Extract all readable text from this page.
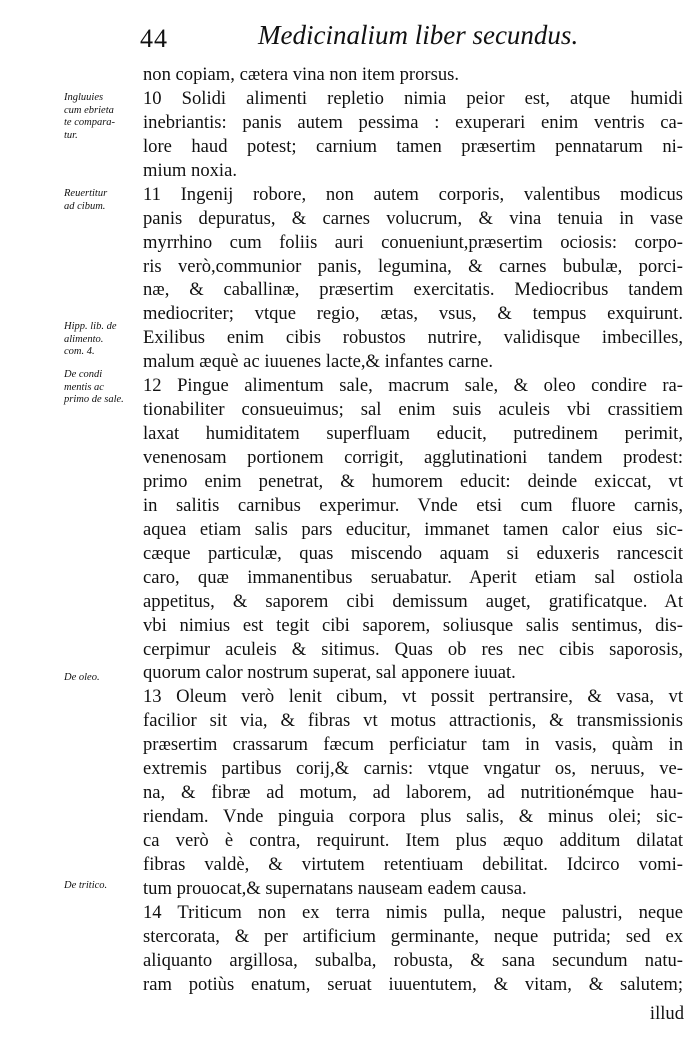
44	Medicinalium liber secundus.
Ingluuies
cum ebrieta
te compara-
tur.
Reuertitur
ad cibum.
Hipp. lib. de
alimento.
com. 4.
De condi
mentis ac
primo de sale.
De oleo.
De tritico.
non copiam, cætera vina non item prorsus.
10 Solidi alimenti repletio nimia peior est, atque humidi
inebriantis: panis autem pessima : exuperari enim ventris ca-
lore haud potest; carnium tamen præsertim pennatarum ni-
mium noxia.
11 Ingenij robore, non autem corporis, valentibus modicus
panis depuratus, & carnes volucrum, & vina tenuia in vase
myrrhino cum foliis auri conueniunt,præsertim ociosis: corpo-
ris verò,communior panis, legumina, & carnes bubulæ, porci-
næ, & caballinæ, præsertim exercitatis. Mediocribus tandem
mediocriter; vtque regio, ætas, vsus, & tempus exquirunt.
Exilibus enim cibis robustos nutrire, validisque imbecilles,
malum æquè ac iuuenes lacte,& infantes carne.
12 Pingue alimentum sale, macrum sale, & oleo condire ra-
tionabiliter consueuimus; sal enim suis aculeis vbi crassitiem
laxat humiditatem superfluam educit, putredinem perimit,
venenosam portionem corrigit, agglutinationi tandem prodest:
primo enim penetrat, & humorem educit: deinde exiccat, vt
in salitis carnibus experimur. Vnde etsi cum fluore carnis,
aquea etiam salis pars educitur, immanet tamen calor eius sic-
cæque particulæ, quas miscendo aquam si eduxeris rancescit
caro, quæ immanentibus seruabatur. Aperit etiam sal ostiola
appetitus, & saporem cibi demissum auget, gratificatque. At
vbi nimius est tegit cibi saporem, soliusque salis sentimus, dis-
cerpimur aculeis & sitimus. Quas ob res nec cibis saporosis,
quorum calor nostrum superat, sal apponere iuuat.
13 Oleum verò lenit cibum, vt possit pertransire, & vasa, vt
facilior sit via, & fibras vt motus attractionis, & transmissionis
præsertim crassarum fæcum perficiatur tam in vasis, quàm in
extremis partibus corij,& carnis: vtque vngatur os, neruus, ve-
na, & fibræ ad motum, ad laborem, ad nutritionémque hau-
riendam. Vnde pinguia corpora plus salis, & minus olei; sic-
ca verò è contra, requirunt. Item plus æquo additum dilatat
fibras valdè, & virtutem retentiuam debilitat. Idcirco vomi-
tum prouocat,& supernatans nauseam eadem causa.
14 Triticum non ex terra nimis pulla, neque palustri, neque
stercorata, & per artificium germinante, neque putrida; sed ex
aliquanto argillosa, subalba, robusta, & sana secundum natu-
ram potiùs enatum, seruat iuuentutem, & vitam, & salutem;
illud
